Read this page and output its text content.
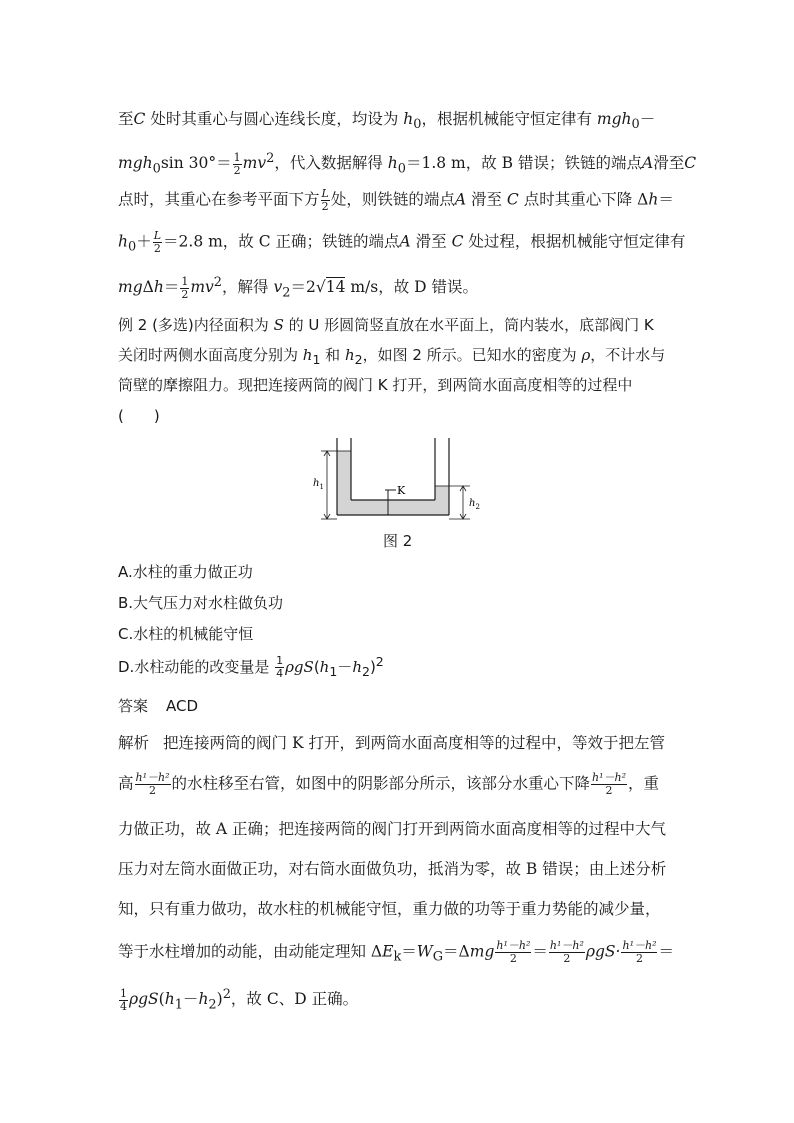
至C 处时其重心与圆心连线长度，均设为 $h_0$，根据机械能守恒定律有 mgh$_0$－
mgh$_0$sin $30^\circ= \frac{1}{2} mv^2$，代入数据解得 $h_0=1.8$ m，故 B 错误；铁链的端点A滑至C
点时，其重心在参考平面下方 $\frac{L}{2}$ 处，则铁链的端点A 滑至 C 点时其重心下降 Δh＝
$h_0+ \frac{L}{2} =2.8$ m，故 C 正确；铁链的端点A 滑至 C 处过程，根据机械能守恒定律有
$mg\Delta h= \frac{1}{2} mv^2$，解得 $v_2=2√14$ m/s，故 D 错误。
例 2 (多选)内径面积为 S 的 U 形圆筒竖直放在水平面上，筒内装水，底部阀门 K
关闭时两侧水面高度分别为 $h_1$ 和 $h_2$，如图 2 所示。已知水的密度为 ρ，不计水与
筒壁的摩擦阻力。现把连接两筒的阀门 K 打开，到两筒水面高度相等的过程中
(　　)
K
$h_1$
$h_2$
图 2
A.水柱的重力做正功
B.大气压力对水柱做负功
C.水柱的机械能守恒
D.水柱动能的改变量是 $\frac{1}{4} \rho gS(h_1-h_2)^2$
答案 ACD
解析 把连接两筒的阀门 K 打开，到两筒水面高度相等的过程中，等效于把左管
高 $\frac{\text{h¹－h²}}{2}$ 的水柱移至右管，如图中的阴影部分所示，该部分水重心下降 $\frac{\text{h¹－h²}}{2}$ ，重
力做正功，故 A 正确；把连接两筒的阀门打开到两筒水面高度相等的过程中大气
压力对左筒水面做正功，对右筒水面做负功，抵消为零，故 B 错误；由上述分析
知，只有重力做功，故水柱的机械能守恒，重力做的功等于重力势能的减少量，
等于水柱增加的动能，由动能定理知 $\Delta E_k=W_G=\Delta mg \frac{\text{h¹－h²}}{2} = \frac{\text{h¹－h²}}{2} \rho gS\cdot \frac{\text{h¹－h²}}{2}$ ＝
$\frac{1}{4} \rho gS(h_1-h_2)^2$，故 C、D 正确。
